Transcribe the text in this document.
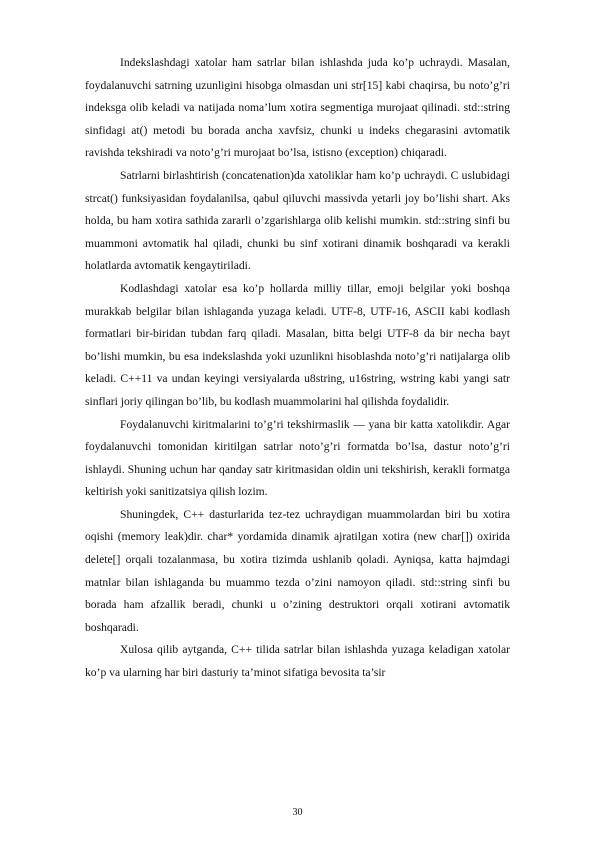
Indekslashdagi xatolar ham satrlar bilan ishlashda juda ko’p uchraydi. Masalan, foydalanuvchi satrning uzunligini hisobga olmasdan uni str[15] kabi chaqirsa, bu noto’g’ri indeksga olib keladi va natijada noma’lum xotira segmentiga murojaat qilinadi. std::string sinfidagi at() metodi bu borada ancha xavfsiz, chunki u indeks chegarasini avtomatik ravishda tekshiradi va noto’g’ri murojaat bo’lsa, istisno (exception) chiqaradi.

Satrlarni birlashtirish (concatenation)da xatoliklar ham ko’p uchraydi. C uslubidagi strcat() funksiyasidan foydalanilsa, qabul qiluvchi massivda yetarli joy bo’lishi shart. Aks holda, bu ham xotira sathida zararli o’zgarishlarga olib kelishi mumkin. std::string sinfi bu muammoni avtomatik hal qiladi, chunki bu sinf xotirani dinamik boshqaradi va kerakli holatlarda avtomatik kengaytiriladi.

Kodlashdagi xatolar esa ko’p hollarda milliy tillar, emoji belgilar yoki boshqa murakkab belgilar bilan ishlaganda yuzaga keladi. UTF-8, UTF-16, ASCII kabi kodlash formatlari bir-biridan tubdan farq qiladi. Masalan, bitta belgi UTF-8 da bir necha bayt bo’lishi mumkin, bu esa indekslashda yoki uzunlikni hisoblashda noto’g’ri natijalarga olib keladi. C++11 va undan keyingi versiyalarda u8string, u16string, wstring kabi yangi satr sinflari joriy qilingan bo’lib, bu kodlash muammolarini hal qilishda foydalidir.

Foydalanuvchi kiritmalarini to’g’ri tekshirmaslik — yana bir katta xatolikdir. Agar foydalanuvchi tomonidan kiritilgan satrlar noto’g’ri formatda bo’lsa, dastur noto’g’ri ishlaydi. Shuning uchun har qanday satr kiritmasidan oldin uni tekshirish, kerakli formatga keltirish yoki sanitizatsiya qilish lozim.

Shuningdek, C++ dasturlarida tez-tez uchraydigan muammolardan biri bu xotira oqishi (memory leak)dir. char* yordamida dinamik ajratilgan xotira (new char[]) oxirida delete[] orqali tozalanmasa, bu xotira tizimda ushlanib qoladi. Ayniqsa, katta hajmdagi matnlar bilan ishlaganda bu muammo tezda o’zini namoyon qiladi. std::string sinfi bu borada ham afzallik beradi, chunki u o’zining destruktori orqali xotirani avtomatik boshqaradi.

Xulosa qilib aytganda, C++ tilida satrlar bilan ishlashda yuzaga keladigan xatolar ko’p va ularning har biri dasturiy ta’minot sifatiga bevosita ta’sir

30
